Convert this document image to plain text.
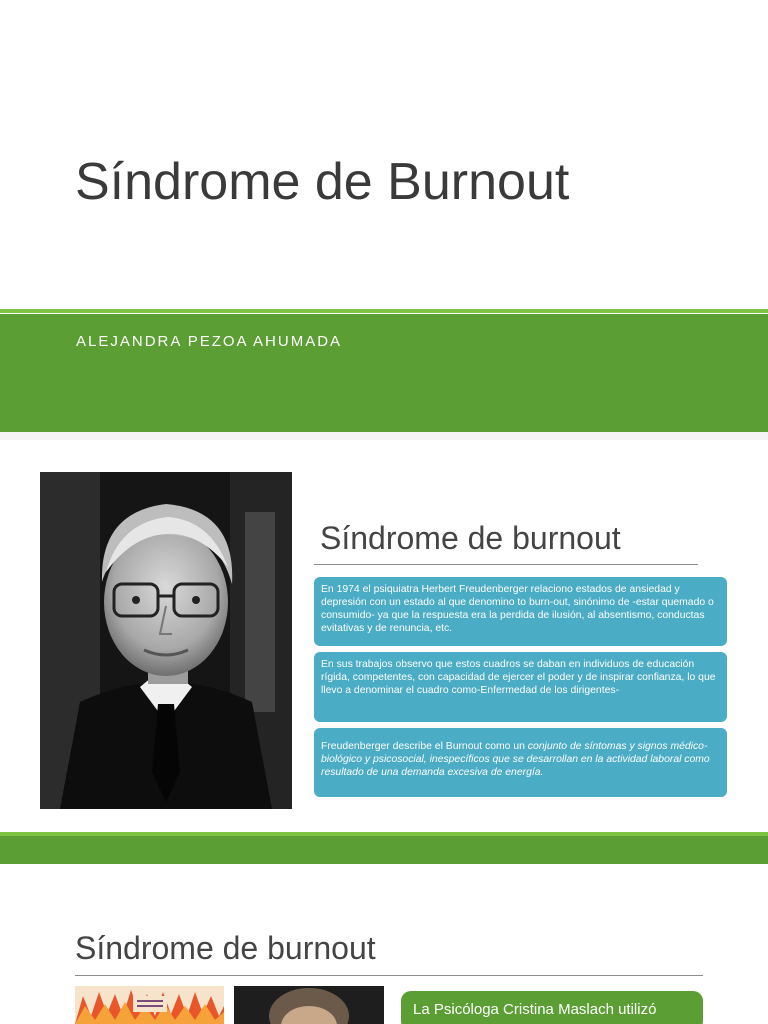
Síndrome de Burnout
ALEJANDRA PEZOA AHUMADA
Síndrome de burnout
En 1974 el psiquiatra Herbert Freudenberger relaciono estados de ansiedad y depresión con un estado al que denomino to burn-out, sinónimo de -estar quemado o consumido- ya que la respuesta era la perdida de ilusión, al absentismo, conductas evitativas y de renuncia, etc.
En sus trabajos observo que estos cuadros se daban en individuos de educación rígida, competentes, con capacidad de ejercer el poder y de inspirar confianza, lo que llevo a denominar el cuadro como-Enfermedad de los dirigentes-
Freudenberger describe el Burnout como un conjunto de síntomas y signos médico- biológico y psicosocial, inespecíficos que se desarrollan en la actividad laboral como resultado de una demanda excesiva de energía.
Síndrome de burnout
La Psicóloga Cristina Maslach utilizó
